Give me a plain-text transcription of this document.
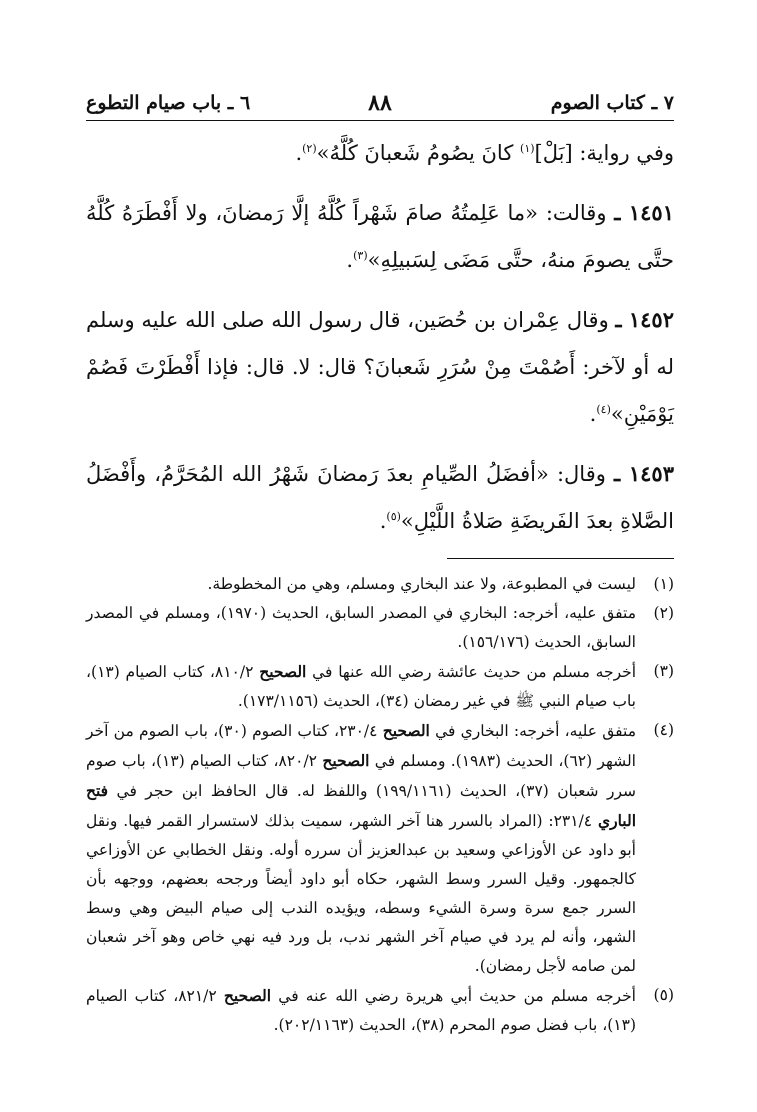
٧ ـ كتاب الصوم
٨٨
٦ ـ باب صيام التطوع

وفي رواية: [بَلْ]$^{(١)}$ كانَ يصُومُ شَعبانَ كُلَّهُ»$^{(٢)}$.

١٤٥١ ـ وقالت: «ما عَلِمتُهُ صامَ شَهْراً كُلَّهُ إلَّا رَمضانَ، ولا أَفْطَرَهُ كُلَّهُ حتَّى يصومَ منهُ، حتَّى مَضَى لِسَبيلِهِ»$^{(٣)}$.

١٤٥٢ ـ وقال عِمْران بن حُصَين، قال رسول الله صلى الله عليه وسلم له أو لآخر: أَصُمْتَ مِنْ سُرَرِ شَعبانَ؟ قال: لا. قال: فإذا أَفْطَرْتَ فَصُمْ يَوْمَيْنِ»$^{(٤)}$.

١٤٥٣ ـ وقال: «أفضَلُ الصِّيامِ بعدَ رَمضانَ شَهْرُ الله المُحَرَّمُ، وأَفْضَلُ الصَّلاةِ بعدَ الفَريضَةِ صَلاةُ اللَّيْلِ»$^{(٥)}$.

(١)
ليست في المطبوعة، ولا عند البخاري ومسلم، وهي من المخطوطة.
(٢)
متفق عليه، أخرجه: البخاري في المصدر السابق، الحديث (١٩٧٠)، ومسلم في المصدر السابق، الحديث (١٥٦/١٧٦).
(٣)
أخرجه مسلم من حديث عائشة رضي الله عنها في الصحيح ٨١٠/٢، كتاب الصيام (١٣)، باب صيام النبي ﷺ في غير رمضان (٣٤)، الحديث (١٧٣/١١٥٦).
(٤)
متفق عليه، أخرجه: البخاري في الصحيح ٢٣٠/٤، كتاب الصوم (٣٠)، باب الصوم من آخر الشهر (٦٢)، الحديث (١٩٨٣). ومسلم في الصحيح ٨٢٠/٢، كتاب الصيام (١٣)، باب صوم سرر شعبان (٣٧)، الحديث (١٩٩/١١٦١) واللفظ له. قال الحافظ ابن حجر في فتح الباري ٢٣١/٤: (المراد بالسرر هنا آخر الشهر، سميت بذلك لاستسرار القمر فيها. ونقل أبو داود عن الأوزاعي وسعيد بن عبدالعزيز أن سرره أوله. ونقل الخطابي عن الأوزاعي كالجمهور. وقيل السرر وسط الشهر، حكاه أبو داود أيضاً ورجحه بعضهم، ووجهه بأن السرر جمع سرة وسرة الشيء وسطه، ويؤيده الندب إلى صيام البيض وهي وسط الشهر، وأنه لم يرد في صيام آخر الشهر ندب، بل ورد فيه نهي خاص وهو آخر شعبان لمن صامه لأجل رمضان).
(٥)
أخرجه مسلم من حديث أبي هريرة رضي الله عنه في الصحيح ٨٢١/٢، كتاب الصيام (١٣)، باب فضل صوم المحرم (٣٨)، الحديث (٢٠٢/١١٦٣).
